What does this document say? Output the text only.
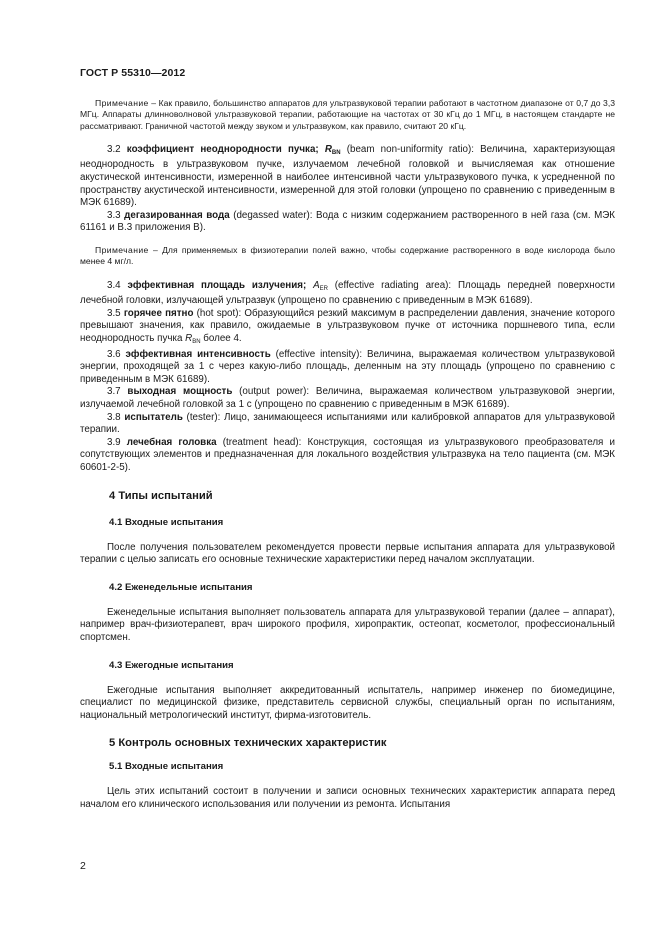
ГОСТ Р 55310—2012

Примечание – Как правило, большинство аппаратов для ультразвуковой терапии работают в частотном диапазоне от 0,7 до 3,3 МГц. Аппараты длинноволновой ультразвуковой терапии, работающие на частотах от 30 кГц до 1 МГц, в настоящем стандарте не рассматривают. Граничной частотой между звуком и ультразвуком, как правило, считают 20 кГц.

3.2 коэффициент неоднородности пучка; $R_{BN}$ (beam non-uniformity ratio): Величина, характеризующая неоднородность в ультразвуковом пучке, излучаемом лечебной головкой и вычисляемая как отношение акустической интенсивности, измеренной в наиболее интенсивной части ультразвукового пучка, к усредненной по пространству акустической интенсивности, измеренной для этой головки (упрощено по сравнению с приведенным в МЭК 61689).

3.3 дегазированная вода (degassed water): Вода с низким содержанием растворенного в ней газа (см. МЭК 61161 и В.3 приложения В).

Примечание – Для применяемых в физиотерапии полей важно, чтобы содержание растворенного в воде кислорода было менее 4 мг/л.

3.4 эффективная площадь излучения; $A_{ER}$ (effective radiating area): Площадь передней поверхности лечебной головки, излучающей ультразвук (упрощено по сравнению с приведенным в МЭК 61689).

3.5 горячее пятно (hot spot): Образующийся резкий максимум в распределении давления, значение которого превышают значения, как правило, ожидаемые в ультразвуковом пучке от источника поршневого типа, если неоднородность пучка $R_{BN}$ более 4.

3.6 эффективная интенсивность (effective intensity): Величина, выражаемая количеством ультразвуковой энергии, проходящей за 1 с через какую-либо площадь, деленным на эту площадь (упрощено по сравнению с приведенным в МЭК 61689).

3.7 выходная мощность (output power): Величина, выражаемая количеством ультразвуковой энергии, излучаемой лечебной головкой за 1 с (упрощено по сравнению с приведенным в МЭК 61689).

3.8 испытатель (tester): Лицо, занимающееся испытаниями или калибровкой аппаратов для ультразвуковой терапии.

3.9 лечебная головка (treatment head): Конструкция, состоящая из ультразвукового преобразователя и сопутствующих элементов и предназначенная для локального воздействия ультразвука на тело пациента (см. МЭК 60601-2-5).

4 Типы испытаний

4.1 Входные испытания

После получения пользователем рекомендуется провести первые испытания аппарата для ультразвуковой терапии с целью записать его основные технические характеристики перед началом эксплуатации.

4.2 Еженедельные испытания

Еженедельные испытания выполняет пользователь аппарата для ультразвуковой терапии (далее – аппарат), например врач-физиотерапевт, врач широкого профиля, хиропрактик, остеопат, косметолог, профессиональный спортсмен.

4.3 Ежегодные испытания

Ежегодные испытания выполняет аккредитованный испытатель, например инженер по биомедицине, специалист по медицинской физике, представитель сервисной службы, специальный орган по испытаниям, национальный метрологический институт, фирма-изготовитель.

5 Контроль основных технических характеристик

5.1 Входные испытания

Цель этих испытаний состоит в получении и записи основных технических характеристик аппарата перед началом его клинического использования или получении из ремонта. Испытания

2
